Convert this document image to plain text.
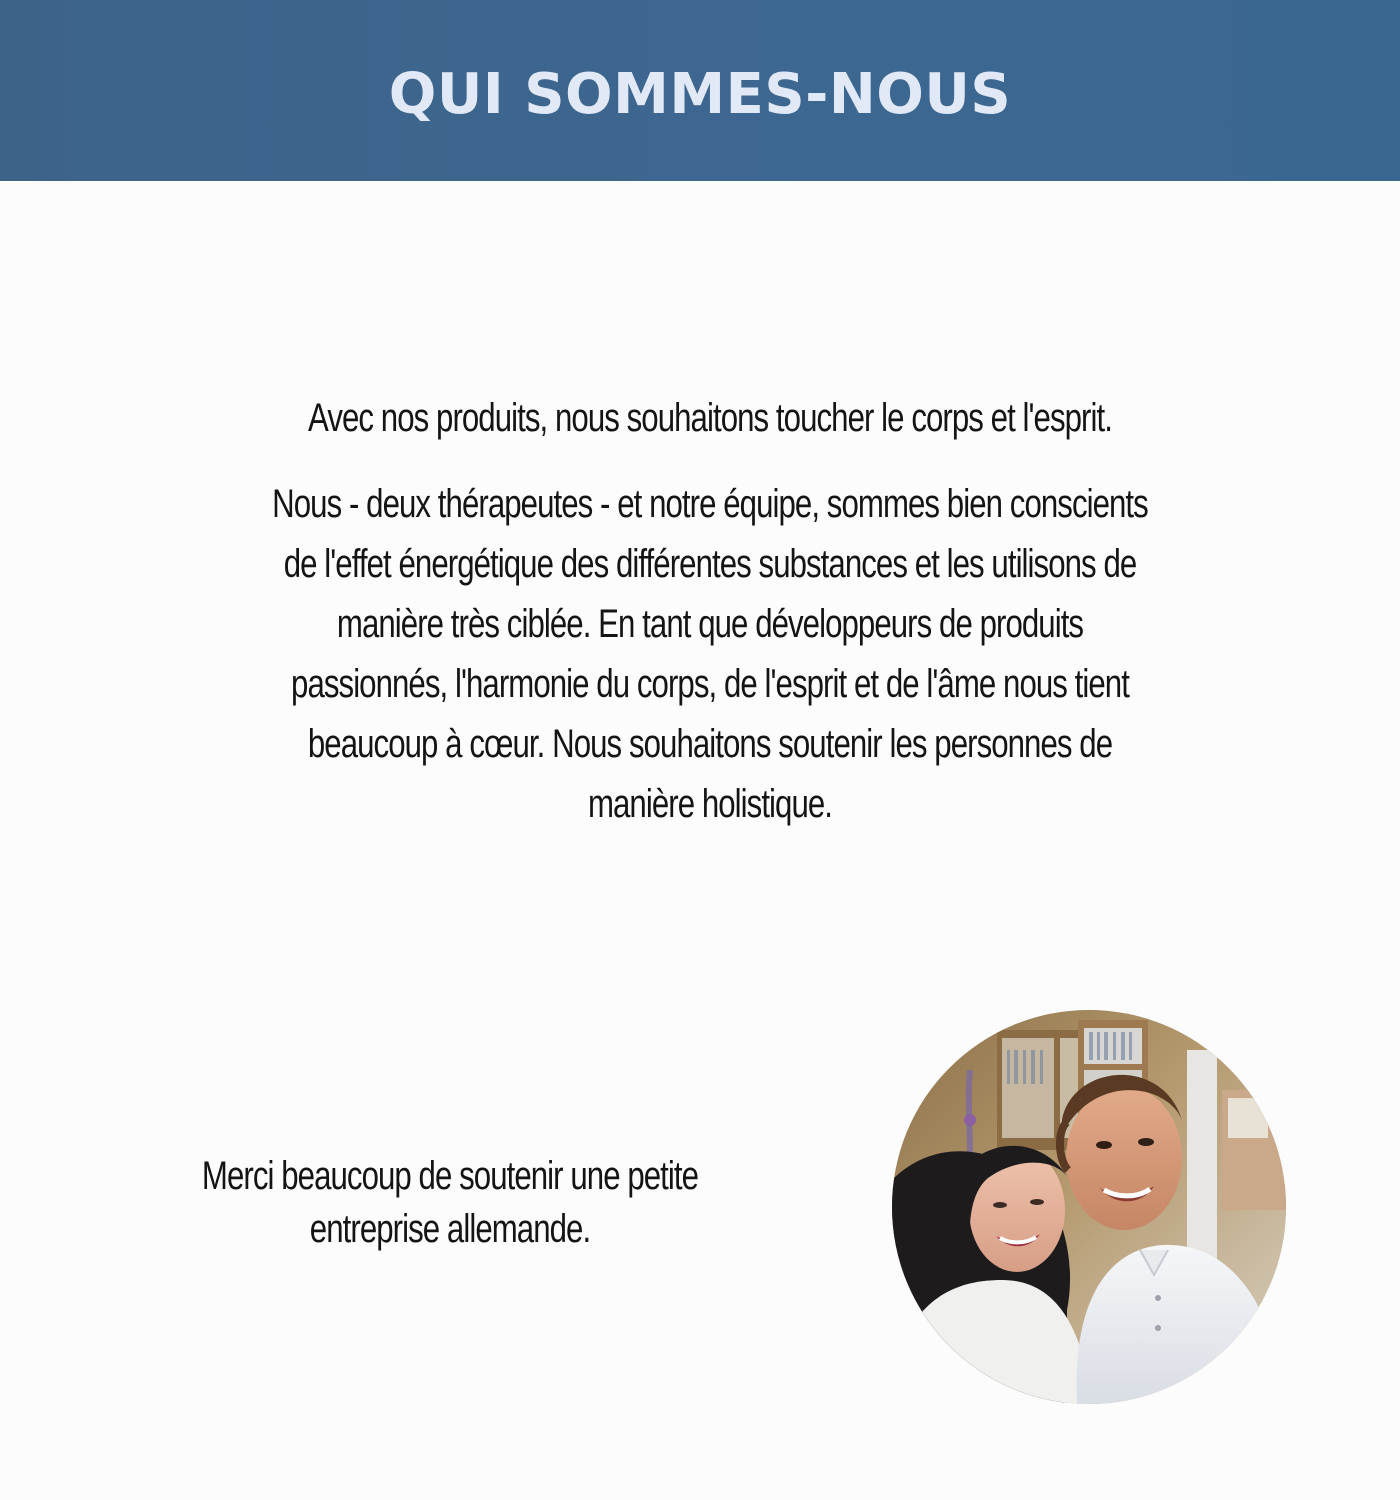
QUI SOMMES-NOUS

Avec nos produits, nous souhaitons toucher le corps et l'esprit.

Nous - deux thérapeutes - et notre équipe, sommes bien conscients de l'effet énergétique des différentes substances et les utilisons de manière très ciblée. En tant que développeurs de produits passionnés, l'harmonie du corps, de l'esprit et de l'âme nous tient beaucoup à cœur. Nous souhaitons soutenir les personnes de manière holistique.

Merci beaucoup de soutenir une petite entreprise allemande.
